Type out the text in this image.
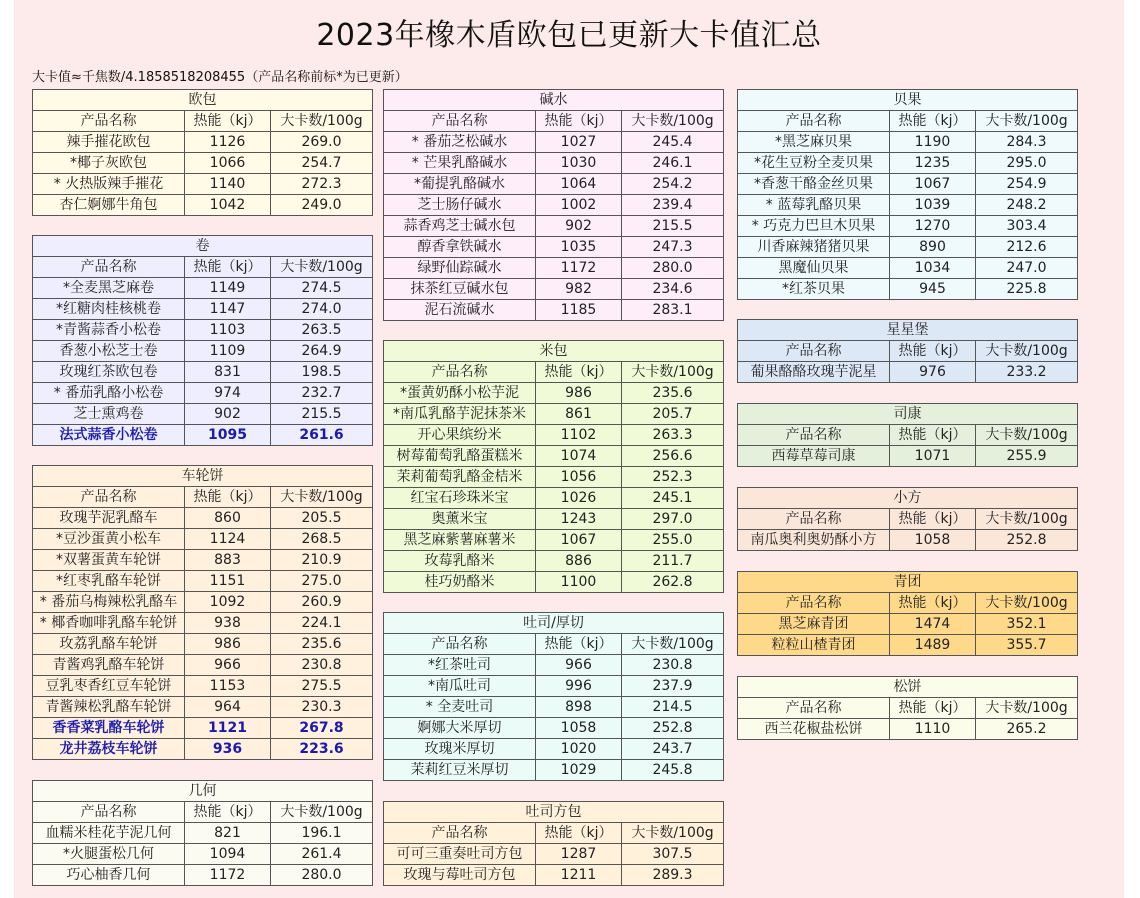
2023年橡木盾欧包已更新大卡值汇总
大卡值≈千焦数/4.1858518208455（产品名称前标*为已更新）
欧包		
产品名称	热能（kj）	大卡数/100g
辣手摧花欧包	1126	269.0
*椰子灰欧包	1066	254.7
* 火热版辣手摧花	1140	272.3
杏仁婀娜牛角包	1042	249.0
卷		
产品名称	热能（kj）	大卡数/100g
*全麦黑芝麻卷	1149	274.5
*红糖肉桂核桃卷	1147	274.0
*青酱蒜香小松卷	1103	263.5
香葱小松芝士卷	1109	264.9
玫瑰红茶欧包卷	831	198.5
* 番茄乳酪小松卷	974	232.7
芝士熏鸡卷	902	215.5
法式蒜香小松卷	1095	261.6
车轮饼		
产品名称	热能（kj）	大卡数/100g
玫瑰芋泥乳酪车	860	205.5
*豆沙蛋黄小松车	1124	268.5
*双薯蛋黄车轮饼	883	210.9
*红枣乳酪车轮饼	1151	275.0
* 番茄乌梅辣松乳酪车	1092	260.9
* 椰香咖啡乳酪车轮饼	938	224.1
玫荔乳酪车轮饼	986	235.6
青酱鸡乳酪车轮饼	966	230.8
豆乳枣香红豆车轮饼	1153	275.5
青酱辣松乳酪车轮饼	964	230.3
香香菜乳酪车轮饼	1121	267.8
龙井荔枝车轮饼	936	223.6
几何		
产品名称	热能（kj）	大卡数/100g
血糯米桂花芋泥几何	821	196.1
*火腿蛋松几何	1094	261.4
巧心柚香几何	1172	280.0
碱水		
产品名称	热能（kj）	大卡数/100g
* 番茄芝松碱水	1027	245.4
* 芒果乳酪碱水	1030	246.1
*葡提乳酪碱水	1064	254.2
芝士肠仔碱水	1002	239.4
蒜香鸡芝士碱水包	902	215.5
醇香拿铁碱水	1035	247.3
绿野仙踪碱水	1172	280.0
抹茶红豆碱水包	982	234.6
泥石流碱水	1185	283.1
米包		
产品名称	热能（kj）	大卡数/100g
*蛋黄奶酥小松芋泥	986	235.6
*南瓜乳酪芋泥抹茶米	861	205.7
开心果缤纷米	1102	263.3
树莓葡萄乳酪蛋糕米	1074	256.6
茉莉葡萄乳酪金桔米	1056	252.3
红宝石珍珠米宝	1026	245.1
奥薰米宝	1243	297.0
黑芝麻紫薯麻薯米	1067	255.0
玫莓乳酪米	886	211.7
桂巧奶酪米	1100	262.8
吐司/厚切		
产品名称	热能（kj）	大卡数/100g
*红茶吐司	966	230.8
*南瓜吐司	996	237.9
* 全麦吐司	898	214.5
婀娜大米厚切	1058	252.8
玫瑰米厚切	1020	243.7
茉莉红豆米厚切	1029	245.8
吐司方包		
产品名称	热能（kj）	大卡数/100g
可可三重奏吐司方包	1287	307.5
玫瑰与莓吐司方包	1211	289.3
贝果		
产品名称	热能（kj）	大卡数/100g
*黑芝麻贝果	1190	284.3
*花生豆粉全麦贝果	1235	295.0
*香葱干酪金丝贝果	1067	254.9
* 蓝莓乳酪贝果	1039	248.2
* 巧克力巴旦木贝果	1270	303.4
川香麻辣猪猪贝果	890	212.6
黑魔仙贝果	1034	247.0
*红茶贝果	945	225.8
星星堡		
产品名称	热能（kj）	大卡数/100g
葡果酪酪玫瑰芋泥星	976	233.2
司康		
产品名称	热能（kj）	大卡数/100g
西莓草莓司康	1071	255.9
小方		
产品名称	热能（kj）	大卡数/100g
南瓜奥利奥奶酥小方	1058	252.8
青团		
产品名称	热能（kj）	大卡数/100g
黑芝麻青团	1474	352.1
粒粒山楂青团	1489	355.7
松饼		
产品名称	热能（kj）	大卡数/100g
西兰花椒盐松饼	1110	265.2
